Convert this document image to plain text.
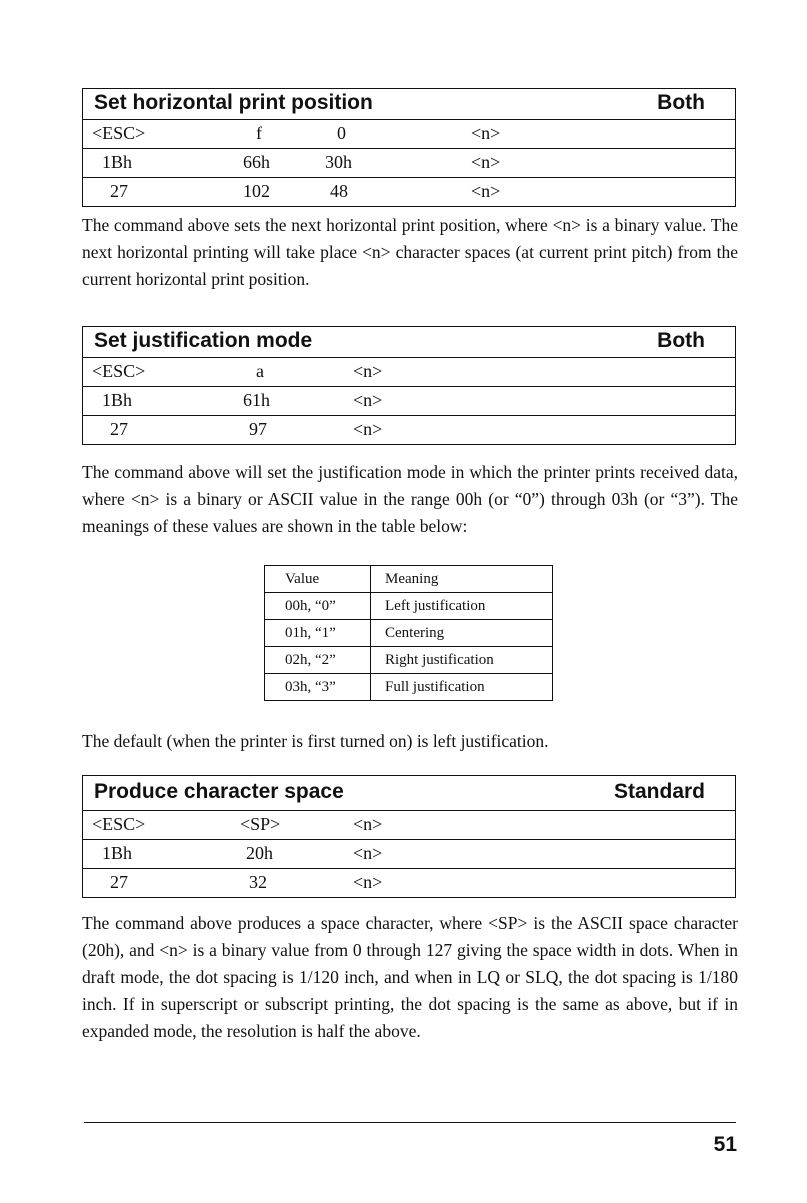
Set horizontal print position	Both
<ESC>	f	0	<n>
1Bh	66h	30h	<n>
27	102	48	<n>

The command above sets the next horizontal print position, where <n> is a binary value. The next horizontal printing will take place <n> character spaces (at current print pitch) from the current horizontal print position.

Set justification mode	Both
<ESC>	a	<n>
1Bh	61h	<n>
27	97	<n>

The command above will set the justification mode in which the printer prints received data, where <n> is a binary or ASCII value in the range 00h (or “0”) through 03h (or “3”). The meanings of these values are shown in the table below:

Value	Meaning
00h, “0”	Left justification
01h, “1”	Centering
02h, “2”	Right justification
03h, “3”	Full justification

The default (when the printer is first turned on) is left justification.

Produce character space	Standard
<ESC>	<SP>	<n>
1Bh	20h	<n>
27	32	<n>

The command above produces a space character, where <SP> is the ASCII space character (20h), and <n> is a binary value from 0 through 127 giving the space width in dots. When in draft mode, the dot spacing is 1/120 inch, and when in LQ or SLQ, the dot spacing is 1/180 inch. If in superscript or subscript printing, the dot spacing is the same as above, but if in expanded mode, the resolution is half the above.

51
